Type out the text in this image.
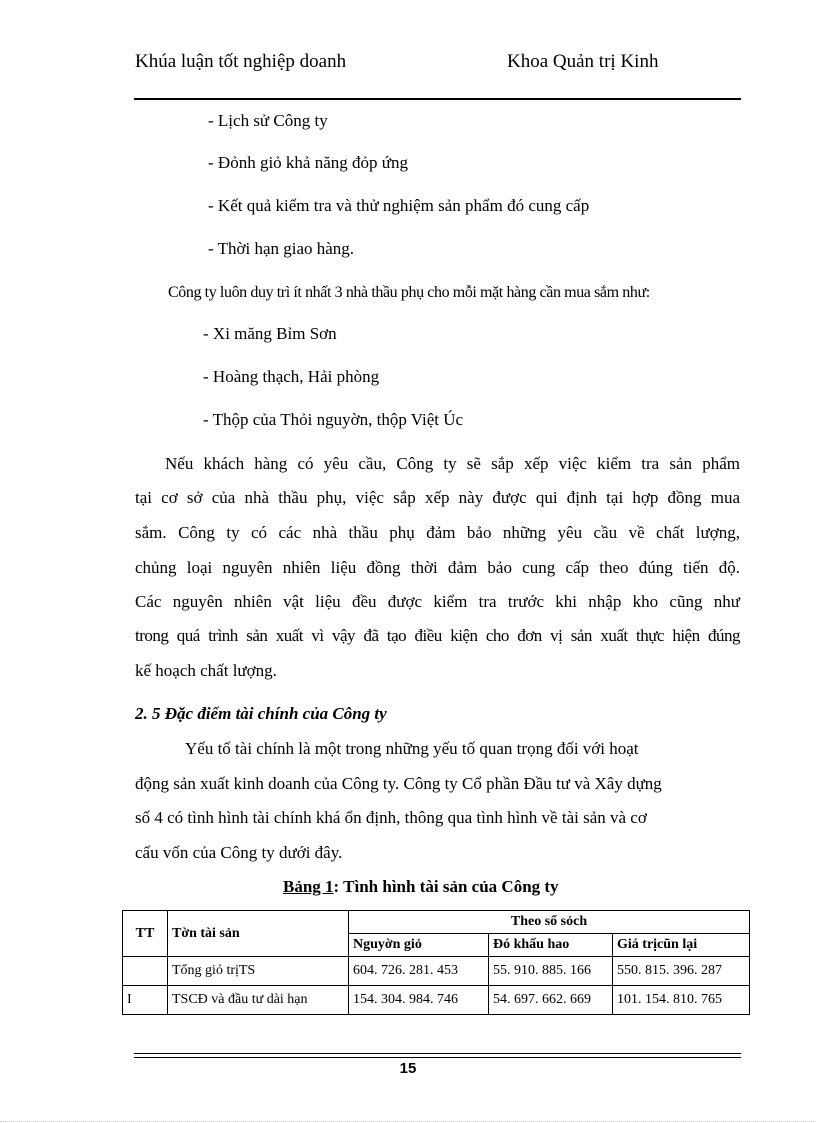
Khúa luận tốt nghiệp doanh	Khoa Quản trị Kinh
- Lịch sử Công ty
- Đỏnh giỏ khả năng đỏp ứng
- Kết quả kiểm tra và thử nghiệm sản phẩm đó cung cấp
- Thời hạn giao hàng.
Công ty luôn duy trì ít nhất 3 nhà thầu phụ cho mỗi mặt hàng cần mua sắm như:
- Xi măng Bỉm Sơn
- Hoàng thạch, Hải phòng
- Thộp của Thỏi nguyờn, thộp Việt Úc
Nếu khách hàng có yêu cầu, Công ty sẽ sắp xếp việc kiểm tra sản phẩm
tại cơ sở của nhà thầu phụ, việc sắp xếp này được qui định tại hợp đồng mua
sắm. Công ty có các nhà thầu phụ đảm bảo những yêu cầu về chất lượng,
chủng loại nguyên nhiên liệu đồng thời đảm bảo cung cấp theo đúng tiến độ.
Các nguyên nhiên vật liệu đều được kiểm tra trước khi nhập kho cũng như
trong quá trình sản xuất vì vậy đã tạo điều kiện cho đơn vị sản xuất thực hiện đúng
kế hoạch chất lượng.
2. 5 Đặc điểm tài chính của Công ty
Yếu tố tài chính là một trong những yếu tố quan trọng đối với hoạt
động sản xuất kinh doanh của Công ty. Công ty Cổ phần Đầu tư và Xây dựng
số 4 có tình hình tài chính khá ổn định, thông qua tình hình về tài sản và cơ
cấu vốn của Công ty dưới đây.
Bảng 1: Tình hình tài sản của Công ty
TT	Tờn tài sản	Theo sổ sỏch		
		Nguyờn giỏ	Đó khấu hao	Giá trịcũn lại
	Tổng giỏ trịTS	604. 726. 281. 453	55. 910. 885. 166	550. 815. 396. 287
I	TSCĐ và đầu tư dài hạn	154. 304. 984. 746	54. 697. 662. 669	101. 154. 810. 765
15
